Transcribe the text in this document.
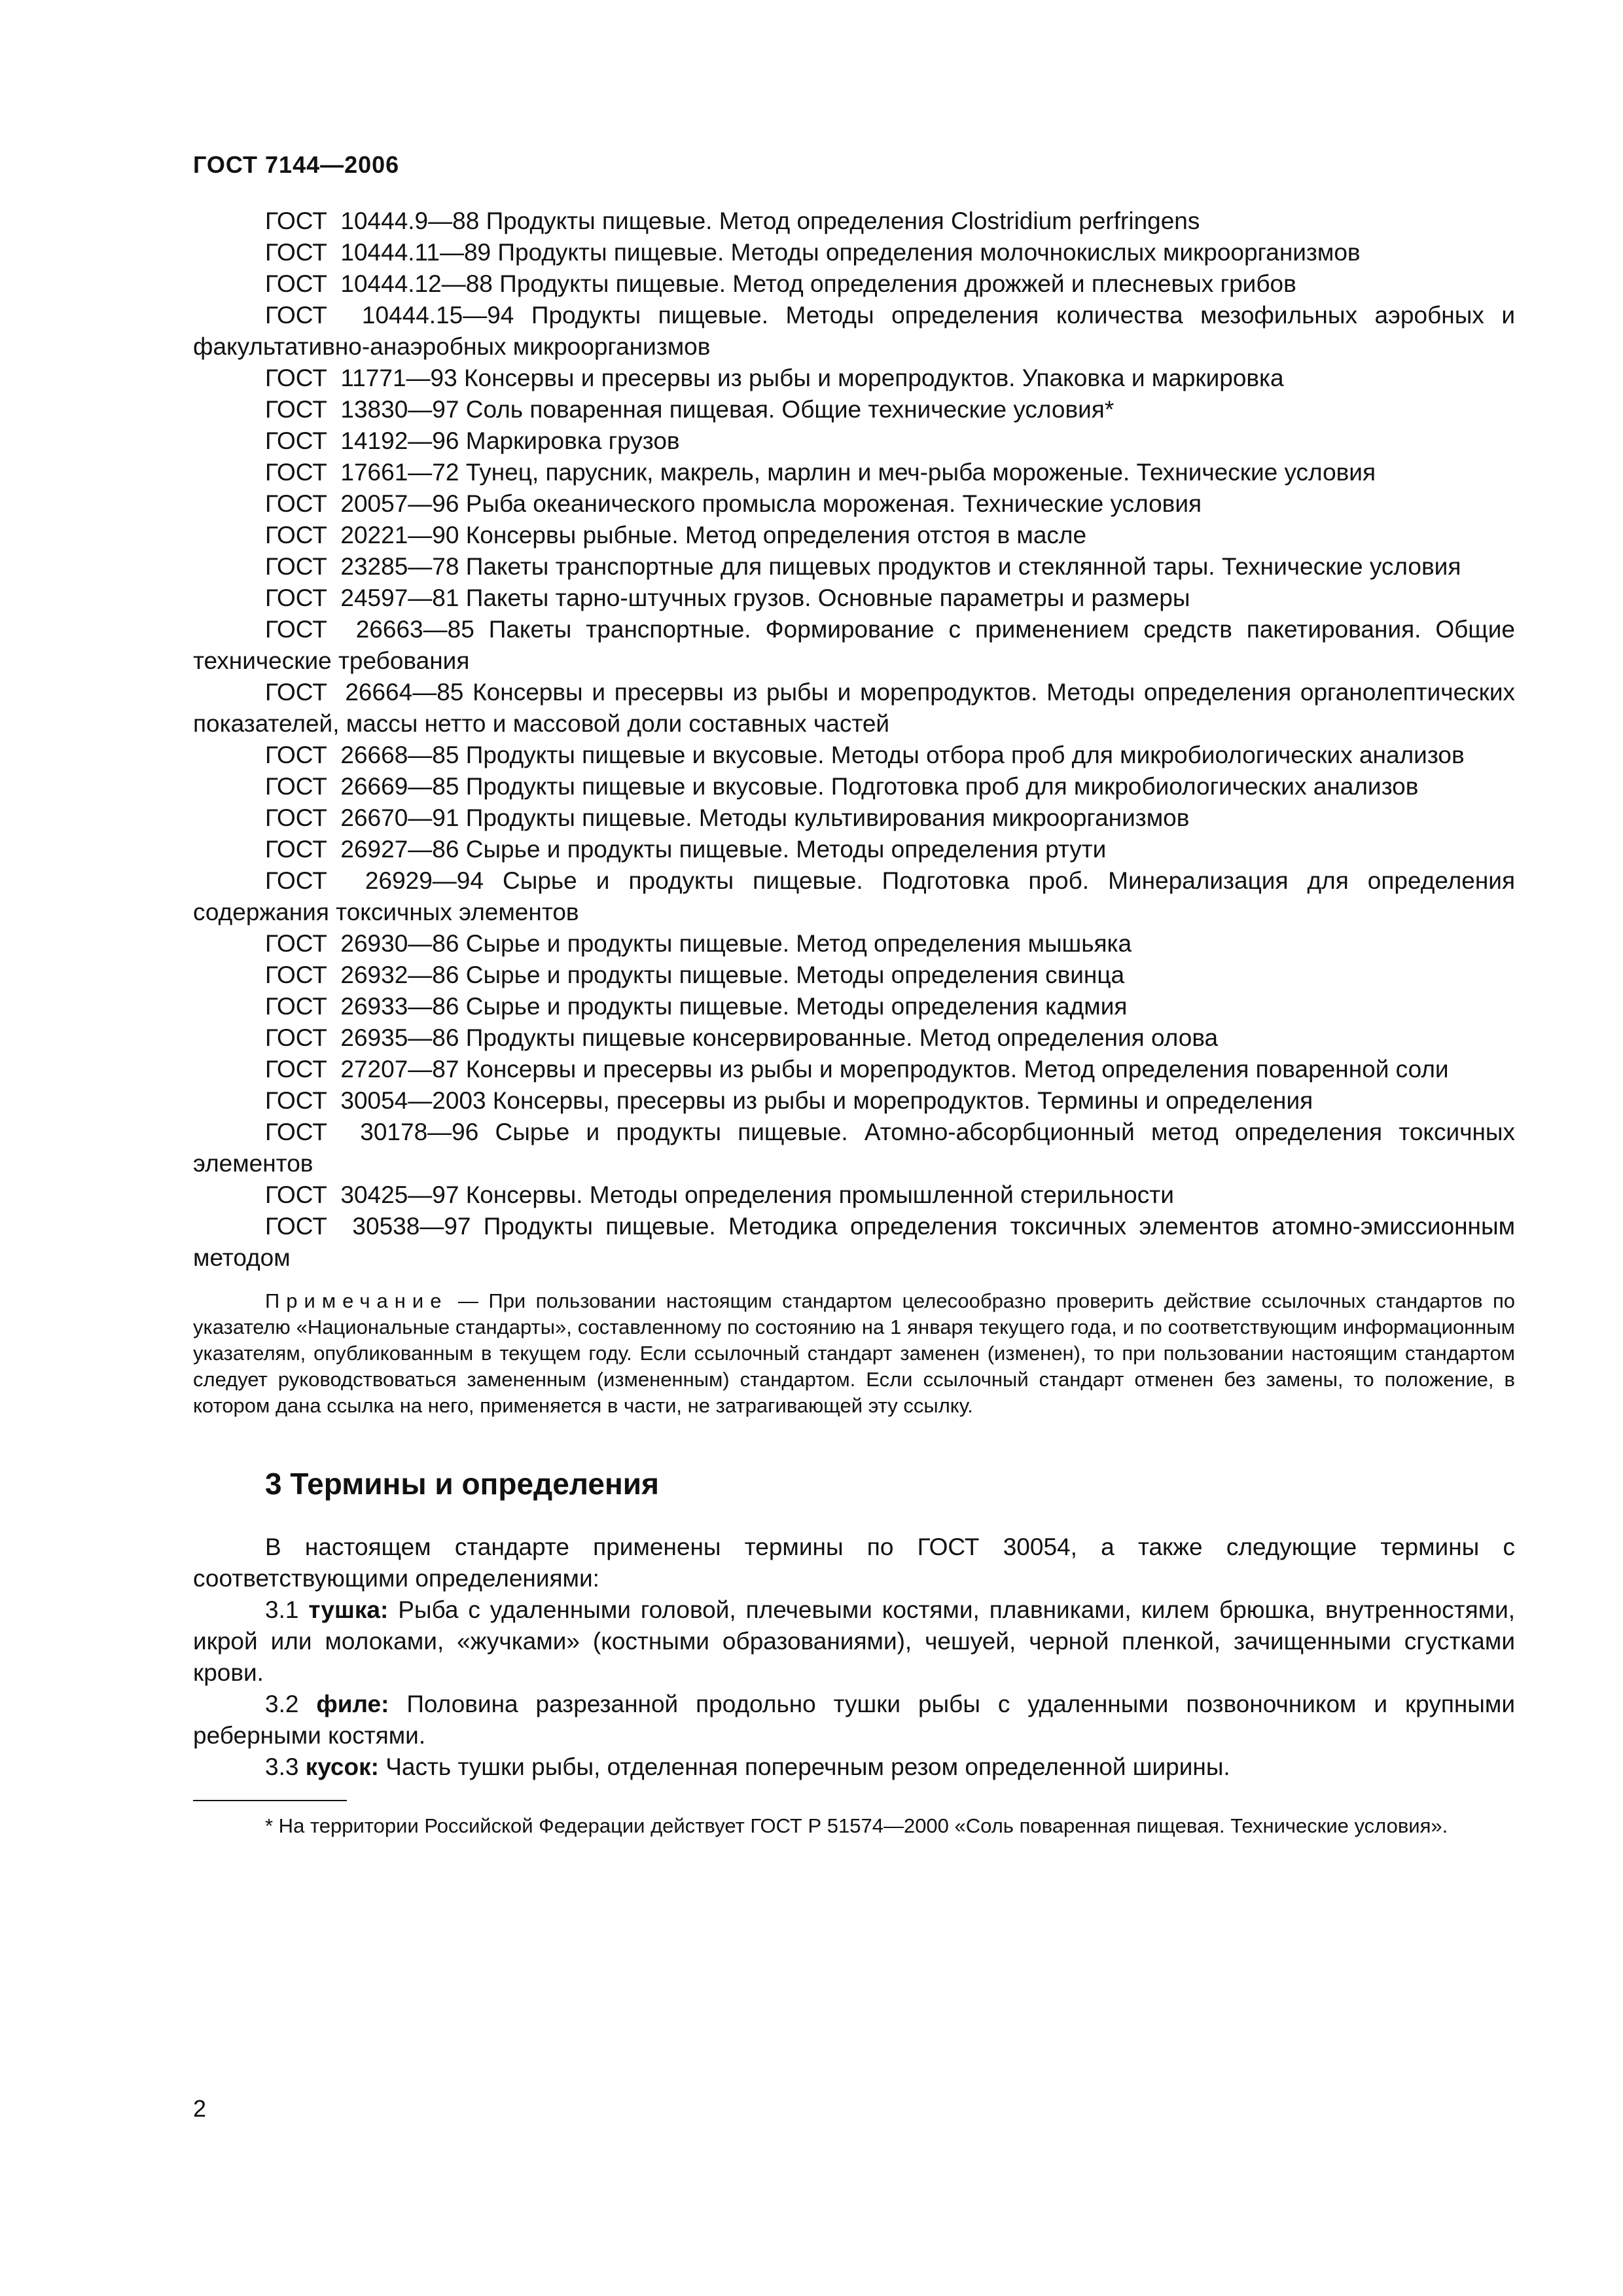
ГОСТ 7144—2006
ГОСТ  10444.9—88 Продукты пищевые. Метод определения Clostridium perfringens
ГОСТ  10444.11—89 Продукты пищевые. Методы определения молочнокислых микроорганизмов
ГОСТ  10444.12—88 Продукты пищевые. Метод определения дрожжей и плесневых грибов
ГОСТ  10444.15—94 Продукты пищевые. Методы определения количества мезофильных аэробных и факультативно-анаэробных микроорганизмов
ГОСТ  11771—93 Консервы и пресервы из рыбы и морепродуктов. Упаковка и маркировка
ГОСТ  13830—97 Соль поваренная пищевая. Общие технические условия*
ГОСТ  14192—96 Маркировка грузов
ГОСТ  17661—72 Тунец, парусник, макрель, марлин и меч-рыба мороженые. Технические условия
ГОСТ  20057—96 Рыба океанического промысла мороженая. Технические условия
ГОСТ  20221—90 Консервы рыбные. Метод определения отстоя в масле
ГОСТ  23285—78 Пакеты транспортные для пищевых продуктов и стеклянной тары. Технические условия
ГОСТ  24597—81 Пакеты тарно-штучных грузов. Основные параметры и размеры
ГОСТ  26663—85 Пакеты транспортные. Формирование с применением средств пакетирования. Общие технические требования
ГОСТ  26664—85 Консервы и пресервы из рыбы и морепродуктов. Методы определения органолептических показателей, массы нетто и массовой доли составных частей
ГОСТ  26668—85 Продукты пищевые и вкусовые. Методы отбора проб для микробиологических анализов
ГОСТ  26669—85 Продукты пищевые и вкусовые. Подготовка проб для микробиологических анализов
ГОСТ  26670—91 Продукты пищевые. Методы культивирования микроорганизмов
ГОСТ  26927—86 Сырье и продукты пищевые. Методы определения ртути
ГОСТ  26929—94 Сырье и продукты пищевые. Подготовка проб. Минерализация для определения содержания токсичных элементов
ГОСТ  26930—86 Сырье и продукты пищевые. Метод определения мышьяка
ГОСТ  26932—86 Сырье и продукты пищевые. Методы определения свинца
ГОСТ  26933—86 Сырье и продукты пищевые. Методы определения кадмия
ГОСТ  26935—86 Продукты пищевые консервированные. Метод определения олова
ГОСТ  27207—87 Консервы и пресервы из рыбы и морепродуктов. Метод определения поваренной соли
ГОСТ  30054—2003 Консервы, пресервы из рыбы и морепродуктов. Термины и определения
ГОСТ  30178—96 Сырье и продукты пищевые. Атомно-абсорбционный метод определения токсичных элементов
ГОСТ  30425—97 Консервы. Методы определения промышленной стерильности
ГОСТ  30538—97 Продукты пищевые. Методика определения токсичных элементов атомно-эмиссионным методом
Примечание — При пользовании настоящим стандартом целесообразно проверить действие ссылочных стандартов по указателю «Национальные стандарты», составленному по состоянию на 1 января текущего года, и по соответствующим информационным указателям, опубликованным в текущем году. Если ссылочный стандарт заменен (изменен), то при пользовании настоящим стандартом следует руководствоваться замененным (измененным) стандартом. Если ссылочный стандарт отменен без замены, то положение, в котором дана ссылка на него, применяется в части, не затрагивающей эту ссылку.
3 Термины и определения
В настоящем стандарте применены термины по ГОСТ 30054, а также следующие термины с соответствующими определениями:
3.1 тушка: Рыба с удаленными головой, плечевыми костями, плавниками, килем брюшка, внутренностями, икрой или молоками, «жучками» (костными образованиями), чешуей, черной пленкой, зачищенными сгустками крови.
3.2 филе: Половина разрезанной продольно тушки рыбы с удаленными позвоночником и крупными реберными костями.
3.3 кусок: Часть тушки рыбы, отделенная поперечным резом определенной ширины.
* На территории Российской Федерации действует ГОСТ Р 51574—2000 «Соль поваренная пищевая. Технические условия».
2
